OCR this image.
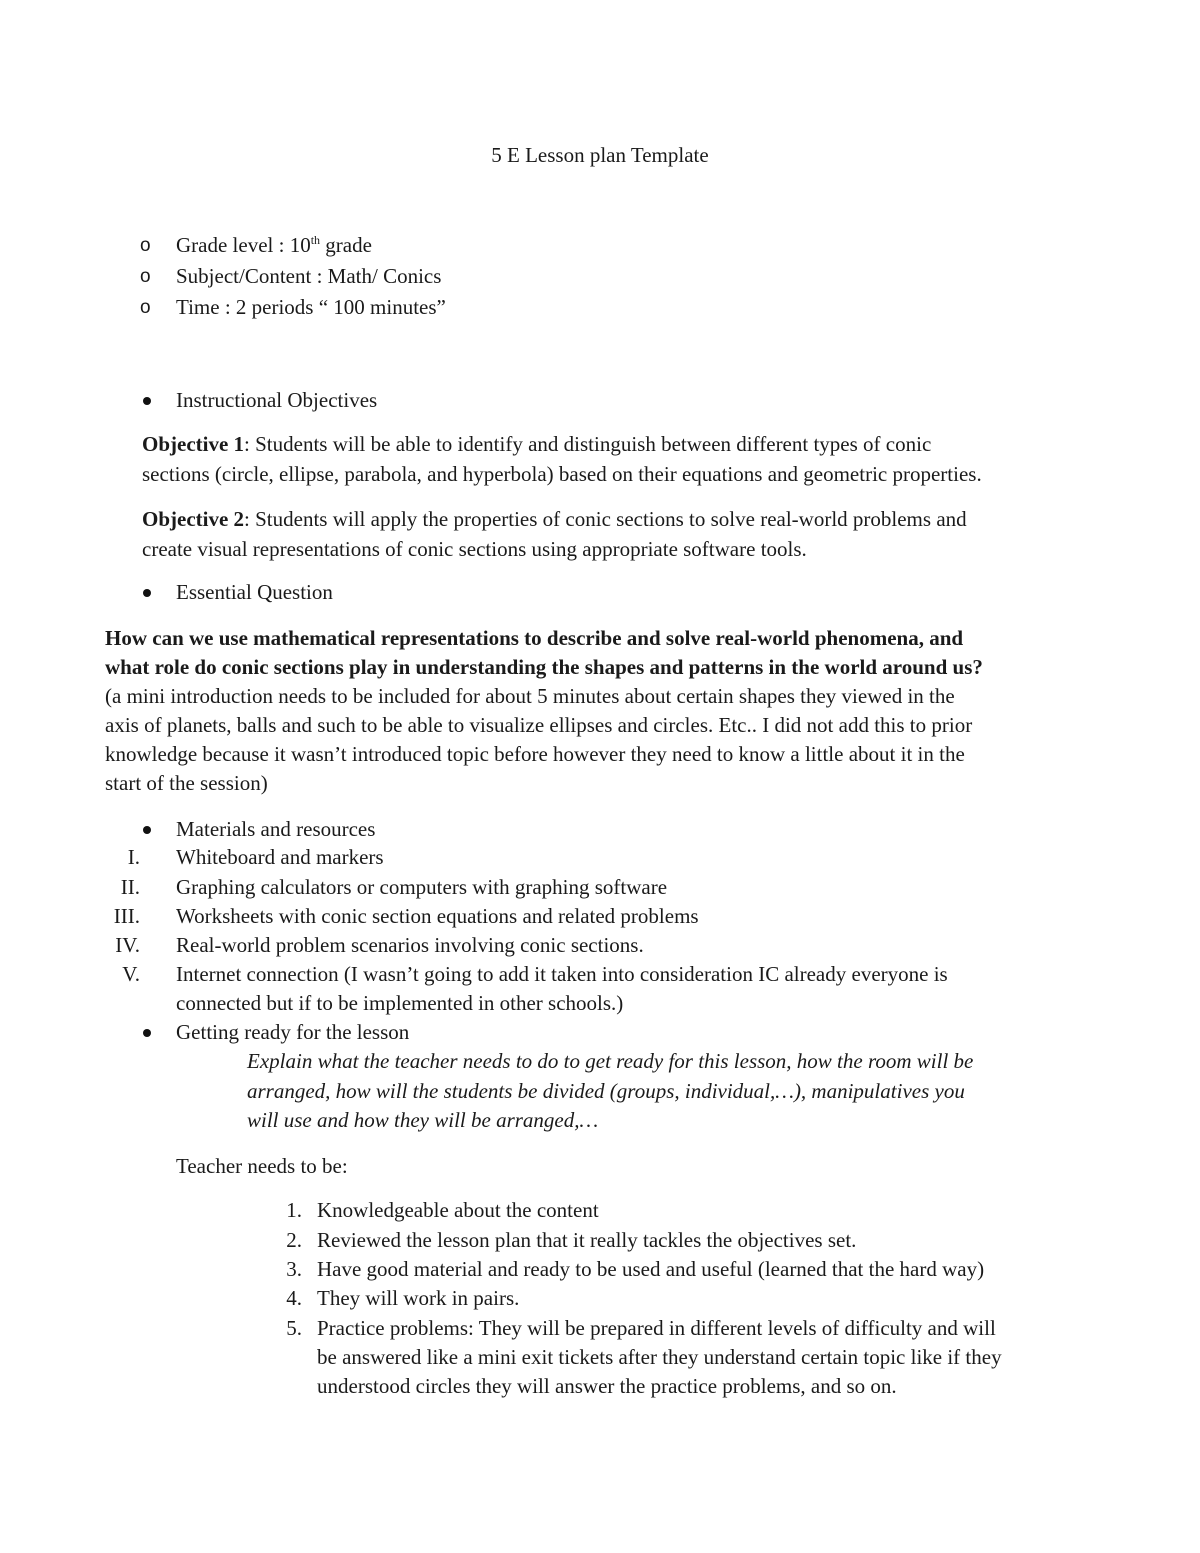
5 E Lesson plan Template
o Grade level : 10th grade
o Subject/Content : Math/ Conics
o Time : 2 periods “ 100 minutes”
Instructional Objectives
Objective 1: Students will be able to identify and distinguish between different types of conic
sections (circle, ellipse, parabola, and hyperbola) based on their equations and geometric properties.
Objective 2: Students will apply the properties of conic sections to solve real-world problems and
create visual representations of conic sections using appropriate software tools.
Essential Question
How can we use mathematical representations to describe and solve real-world phenomena, and
what role do conic sections play in understanding the shapes and patterns in the world around us?
(a mini introduction needs to be included for about 5 minutes about certain shapes they viewed in the
axis of planets, balls and such to be able to visualize ellipses and circles. Etc.. I did not add this to prior
knowledge because it wasn’t introduced topic before however they need to know a little about it in the
start of the session)
Materials and resources
I. Whiteboard and markers
II. Graphing calculators or computers with graphing software
III. Worksheets with conic section equations and related problems
IV. Real-world problem scenarios involving conic sections.
V. Internet connection (I wasn’t going to add it taken into consideration IC already everyone is
connected but if to be implemented in other schools.)
Getting ready for the lesson
Explain what the teacher needs to do to get ready for this lesson, how the room will be
arranged, how will the students be divided (groups, individual,…), manipulatives you
will use and how they will be arranged,…
Teacher needs to be:
1. Knowledgeable about the content
2. Reviewed the lesson plan that it really tackles the objectives set.
3. Have good material and ready to be used and useful (learned that the hard way)
4. They will work in pairs.
5. Practice problems: They will be prepared in different levels of difficulty and will
be answered like a mini exit tickets after they understand certain topic like if they
understood circles they will answer the practice problems, and so on.
